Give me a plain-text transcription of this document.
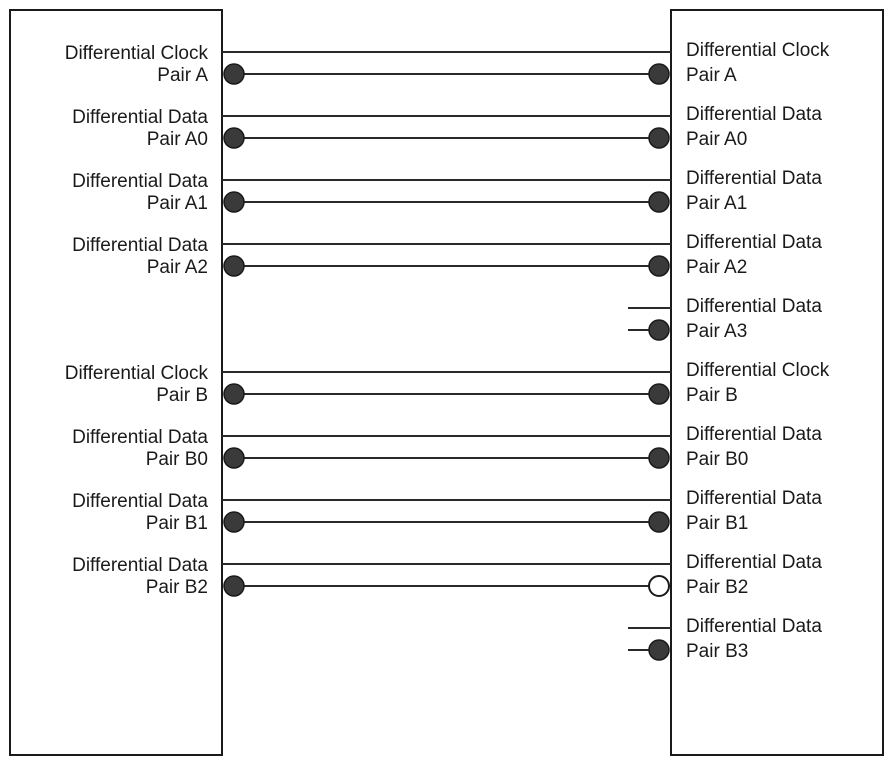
Differential Clock
Pair A
Differential Data
Pair A0
Differential Data
Pair A1
Differential Data
Pair A2
Differential Clock
Pair B
Differential Data
Pair B0
Differential Data
Pair B1
Differential Data
Pair B2
Differential Clock
Pair A
Differential Data
Pair A0
Differential Data
Pair A1
Differential Data
Pair A2
Differential Data
Pair A3
Differential Clock
Pair B
Differential Data
Pair B0
Differential Data
Pair B1
Differential Data
Pair B2
Differential Data
Pair B3
